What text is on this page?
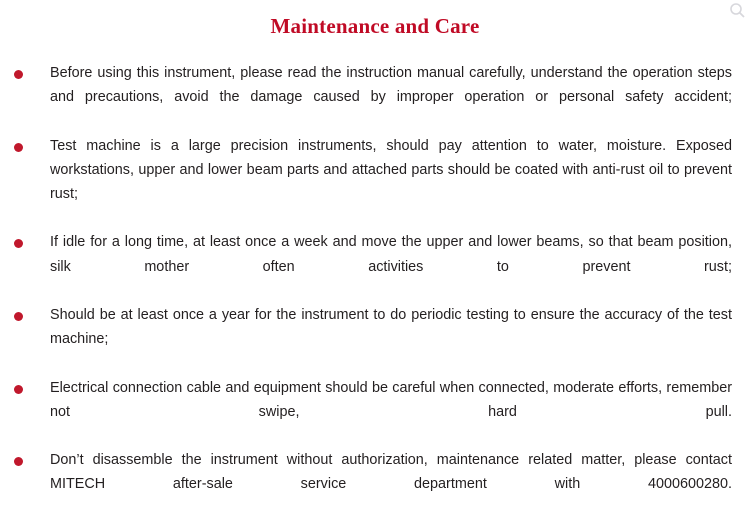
Maintenance and Care
Before using this instrument, please read the instruction manual carefully, understand the operation steps and precautions, avoid the damage caused by improper operation or personal safety accident;
Test machine is a large precision instruments, should pay attention to water, moisture. Exposed workstations, upper and lower beam parts and attached parts should be coated with anti-rust oil to prevent rust;
If idle for a long time, at least once a week and move the upper and lower beams, so that beam position, silk mother often activities to prevent rust;
Should be at least once a year for the instrument to do periodic testing to ensure the accuracy of the test machine;
Electrical connection cable and equipment should be careful when connected, moderate efforts, remember not swipe, hard pull.
Don’t disassemble the instrument without authorization, maintenance related matter, please contact MITECH after-sale service department with 4000600280.
